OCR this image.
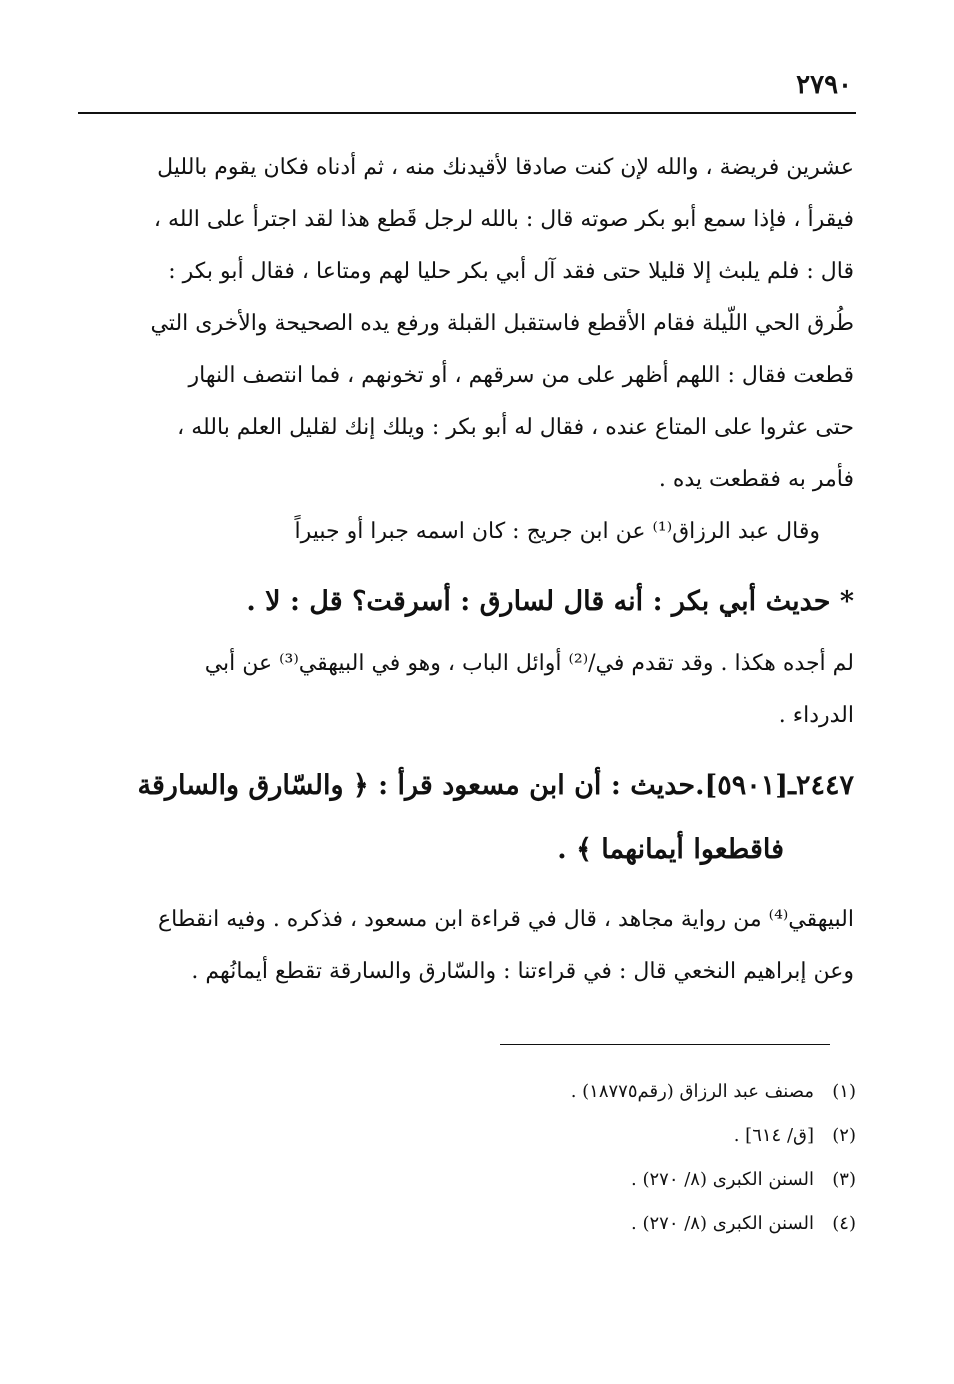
٢٧٩٠
عشرين فريضة ، والله لإن كنت صادقا لأقيدنك منه ، ثم أدناه فكان يقوم بالليل
فيقرأ ، فإذا سمع أبو بكر صوته قال : بالله لرجل قَطع هذا لقد اجترأ على الله ،
قال : فلم يلبث إلا قليلا حتى فقد آل أبي بكر حليا لهم ومتاعا ، فقال أبو بكر :
طُرق الحي اللّيلة فقام الأقطع فاستقبل القبلة ورفع يده الصحيحة والأخرى التي
قطعت فقال : اللهم أظهر على من سرقهم ، أو تخونهم ، فما انتصف النهار
حتى عثروا على المتاع عنده ، فقال له أبو بكر : ويلك إنك لقليل العلم بالله ،
فأمر به فقطعت يده .
وقال عبد الرزاق⁽¹⁾ عن ابن جريج : كان اسمه جبرا أو جبيراً
* حديث أبي بكر : أنه قال لسارق : أسرقت؟ قل : لا .
لم أجده هكذا . وقد تقدم في/⁽²⁾ أوائل الباب ، وهو في البيهقي⁽³⁾ عن أبي
الدرداء .
٢٤٤٧ـ[٥٩٠١].حديث : أن ابن مسعود قرأ : ﴿ والسّارق والسارقة
فاقطعوا أيمانهما ﴾ .
البيهقي⁽⁴⁾ من رواية مجاهد ، قال في قراءة ابن مسعود ، فذكره . وفيه انقطاع
وعن إبراهيم النخعي قال : في قراءتنا : والسّارق والسارقة تقطع أيمانُهم .
(١)مصنف عبد الرزاق (رقم١٨٧٧٥) .
(٢)[ق/ ٦١٤] .
(٣)السنن الكبرى (٨/ ٢٧٠) .
(٤)السنن الكبرى (٨/ ٢٧٠) .
